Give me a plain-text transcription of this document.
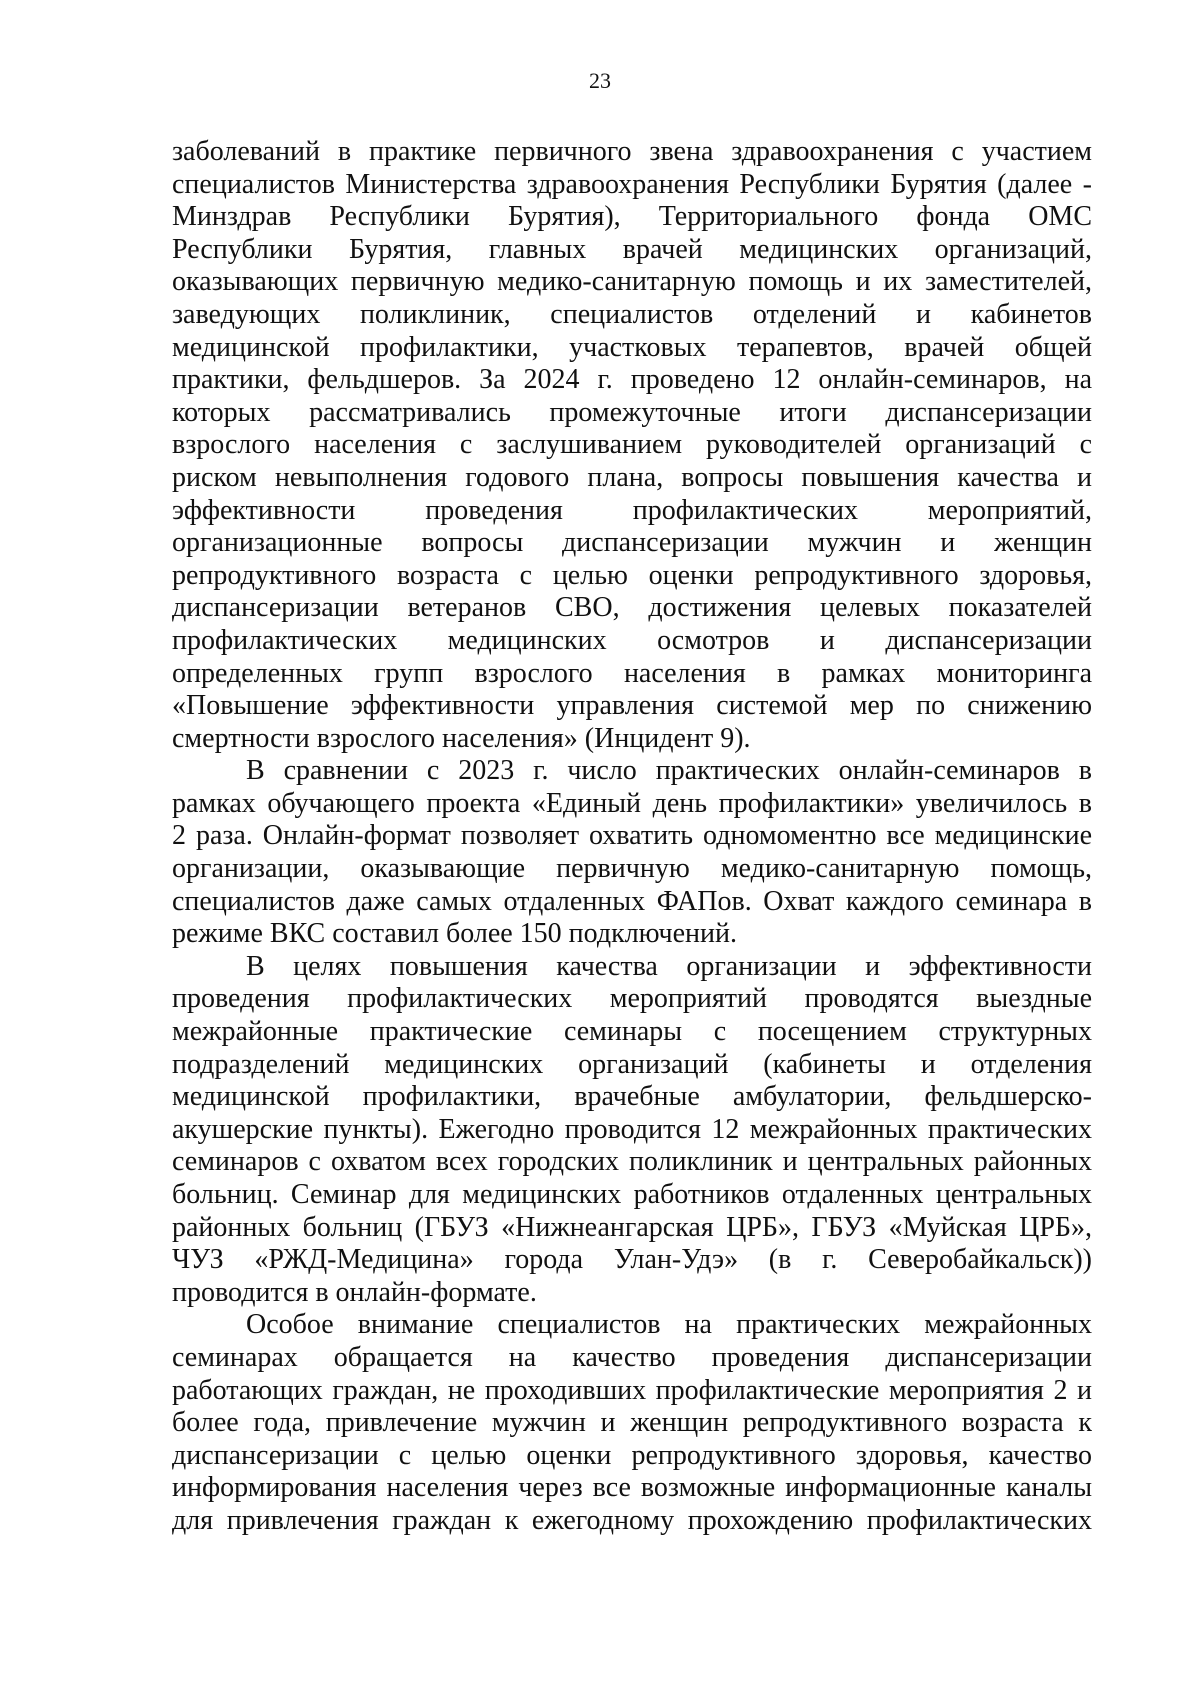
23
заболеваний в практике первичного звена здравоохранения с участием
специалистов Министерства здравоохранения Республики Бурятия (далее -
Минздрав Республики Бурятия), Территориального фонда ОМС
Республики Бурятия, главных врачей медицинских организаций,
оказывающих первичную медико-санитарную помощь и их заместителей,
заведующих поликлиник, специалистов отделений и кабинетов
медицинской профилактики, участковых терапевтов, врачей общей
практики, фельдшеров. За 2024 г. проведено 12 онлайн-семинаров, на
которых рассматривались промежуточные итоги диспансеризации
взрослого населения с заслушиванием руководителей организаций с
риском невыполнения годового плана, вопросы повышения качества и
эффективности проведения профилактических мероприятий,
организационные вопросы диспансеризации мужчин и женщин
репродуктивного возраста с целью оценки репродуктивного здоровья,
диспансеризации ветеранов СВО, достижения целевых показателей
профилактических медицинских осмотров и диспансеризации
определенных групп взрослого населения в рамках мониторинга
«Повышение эффективности управления системой мер по снижению
смертности взрослого населения» (Инцидент 9).
В сравнении с 2023 г. число практических онлайн-семинаров в
рамках обучающего проекта «Единый день профилактики» увеличилось в
2 раза. Онлайн-формат позволяет охватить одномоментно все медицинские
организации, оказывающие первичную медико-санитарную помощь,
специалистов даже самых отдаленных ФАПов. Охват каждого семинара в
режиме ВКС составил более 150 подключений.
В целях повышения качества организации и эффективности
проведения профилактических мероприятий проводятся выездные
межрайонные практические семинары с посещением структурных
подразделений медицинских организаций (кабинеты и отделения
медицинской профилактики, врачебные амбулатории, фельдшерско-
акушерские пункты). Ежегодно проводится 12 межрайонных практических
семинаров с охватом всех городских поликлиник и центральных районных
больниц. Семинар для медицинских работников отдаленных центральных
районных больниц (ГБУЗ «Нижнеангарская ЦРБ», ГБУЗ «Муйская ЦРБ»,
ЧУЗ «РЖД-Медицина» города Улан-Удэ» (в г. Северобайкальск))
проводится в онлайн-формате.
Особое внимание специалистов на практических межрайонных
семинарах обращается на качество проведения диспансеризации
работающих граждан, не проходивших профилактические мероприятия 2 и
более года, привлечение мужчин и женщин репродуктивного возраста к
диспансеризации с целью оценки репродуктивного здоровья, качество
информирования населения через все возможные информационные каналы
для привлечения граждан к ежегодному прохождению профилактических
